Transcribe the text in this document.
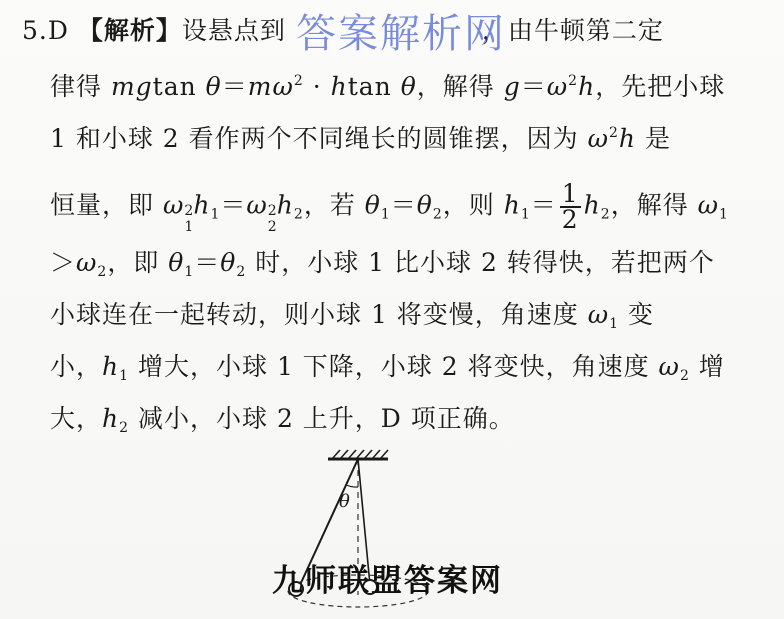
5.D 【解析】设悬点到	，由牛顿第二定
律得 mgtan $\theta=m\omega^2 \cdot htan$ θ，解得 $g=\omega^2h$，先把小球
1 和小球 2 看作两个不同绳长的圆锥摆，因为 $\omega^2h$ 是
恒量，即 ω 2
1
$h_1=\omega$ 2
2
$h_2$，若 $\theta_1=\theta_2$，则 $h_1= \frac{1}{2} h_2$，解得 $\omega_1$
$>\omega_2$，即 $\theta_1=\theta_2$ 时，小球 1 比小球 2 转得快，若把两个
小球连在一起转动，则小球 1 将变慢，角速度 $\omega_1$ 变
小，$h_1$ 增大，小球 1 下降，小球 2 将变快，角速度 $\omega_2$ 增
大，$h_2$ 减小，小球 2 上升，D 项正确。
θ
答案解析网
九师联盟答案网
